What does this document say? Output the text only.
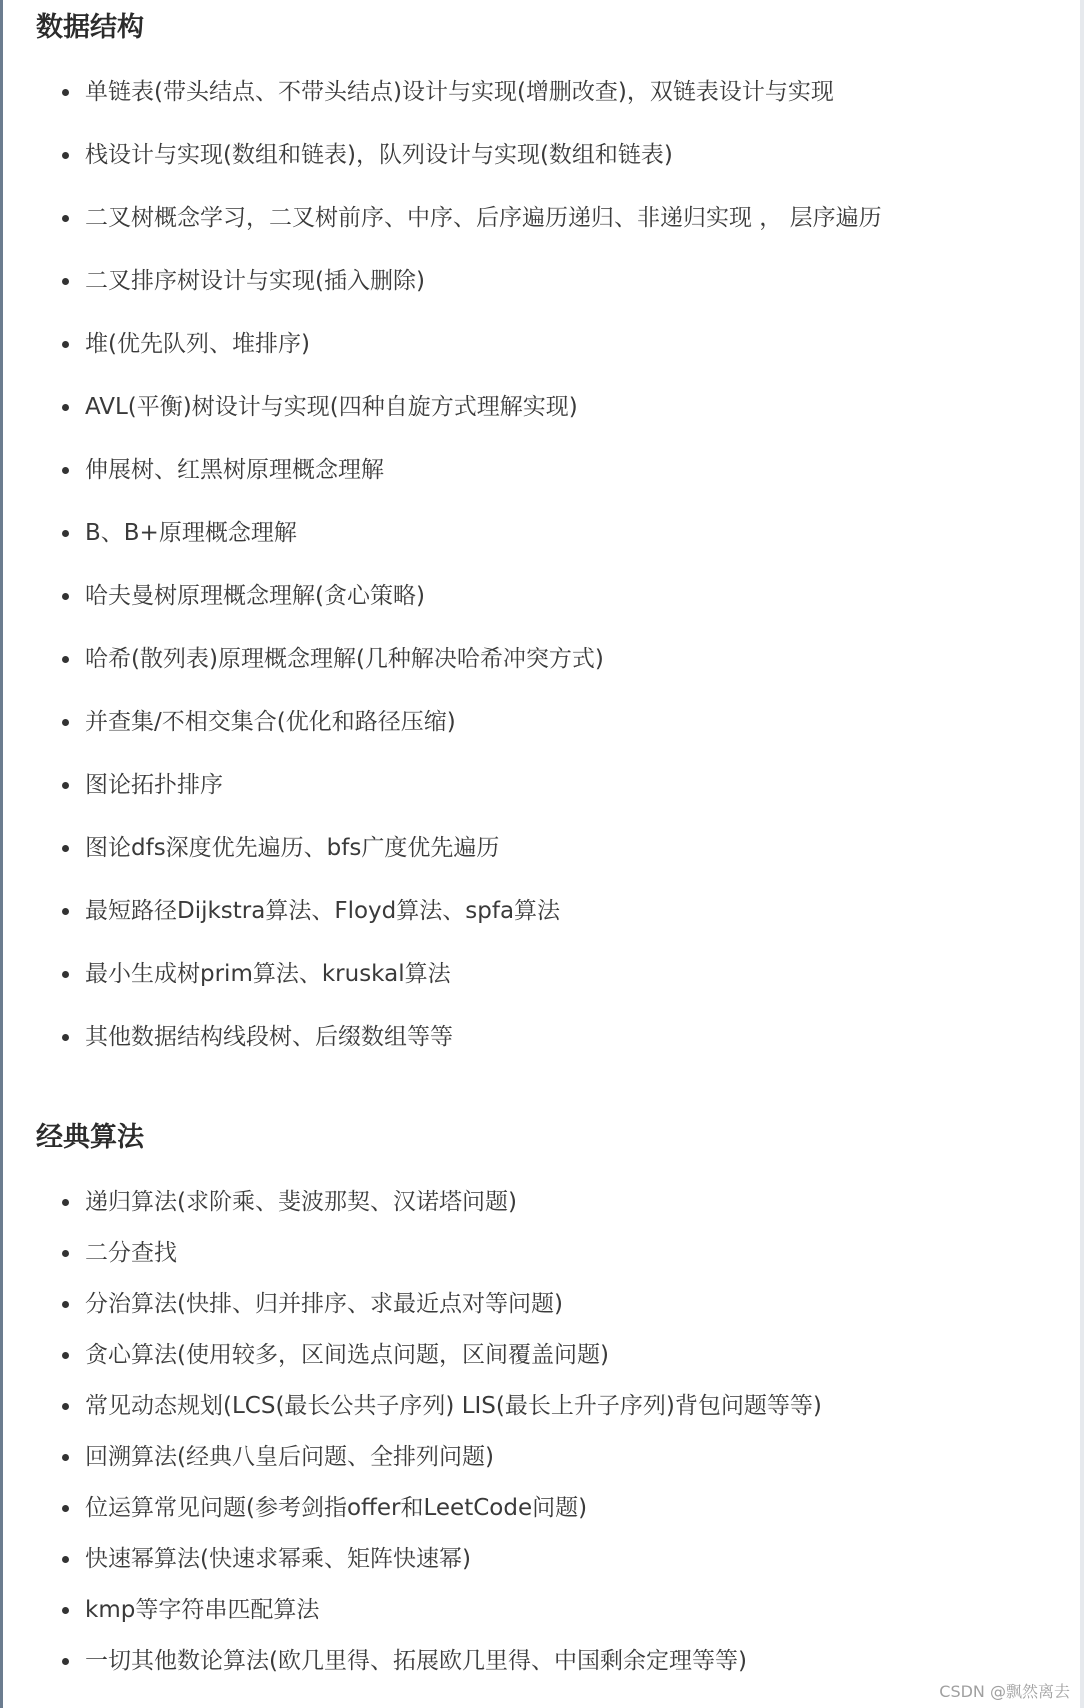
数据结构
单链表(带头结点、不带头结点)设计与实现(增删改查)，双链表设计与实现
栈设计与实现(数组和链表)，队列设计与实现(数组和链表)
二叉树概念学习，二叉树前序、中序、后序遍历递归、非递归实现 ， 层序遍历
二叉排序树设计与实现(插入删除)
堆(优先队列、堆排序)
AVL(平衡)树设计与实现(四种自旋方式理解实现)
伸展树、红黑树原理概念理解
B、B+原理概念理解
哈夫曼树原理概念理解(贪心策略)
哈希(散列表)原理概念理解(几种解决哈希冲突方式)
并查集/不相交集合(优化和路径压缩)
图论拓扑排序
图论dfs深度优先遍历、bfs广度优先遍历
最短路径Dijkstra算法、Floyd算法、spfa算法
最小生成树prim算法、kruskal算法
其他数据结构线段树、后缀数组等等
经典算法
递归算法(求阶乘、斐波那契、汉诺塔问题)
二分查找
分治算法(快排、归并排序、求最近点对等问题)
贪心算法(使用较多，区间选点问题，区间覆盖问题)
常见动态规划(LCS(最长公共子序列) LIS(最长上升子序列)背包问题等等)
回溯算法(经典八皇后问题、全排列问题)
位运算常见问题(参考剑指offer和LeetCode问题)
快速幂算法(快速求幂乘、矩阵快速幂)
kmp等字符串匹配算法
一切其他数论算法(欧几里得、拓展欧几里得、中国剩余定理等等)
CSDN @飘然离去
